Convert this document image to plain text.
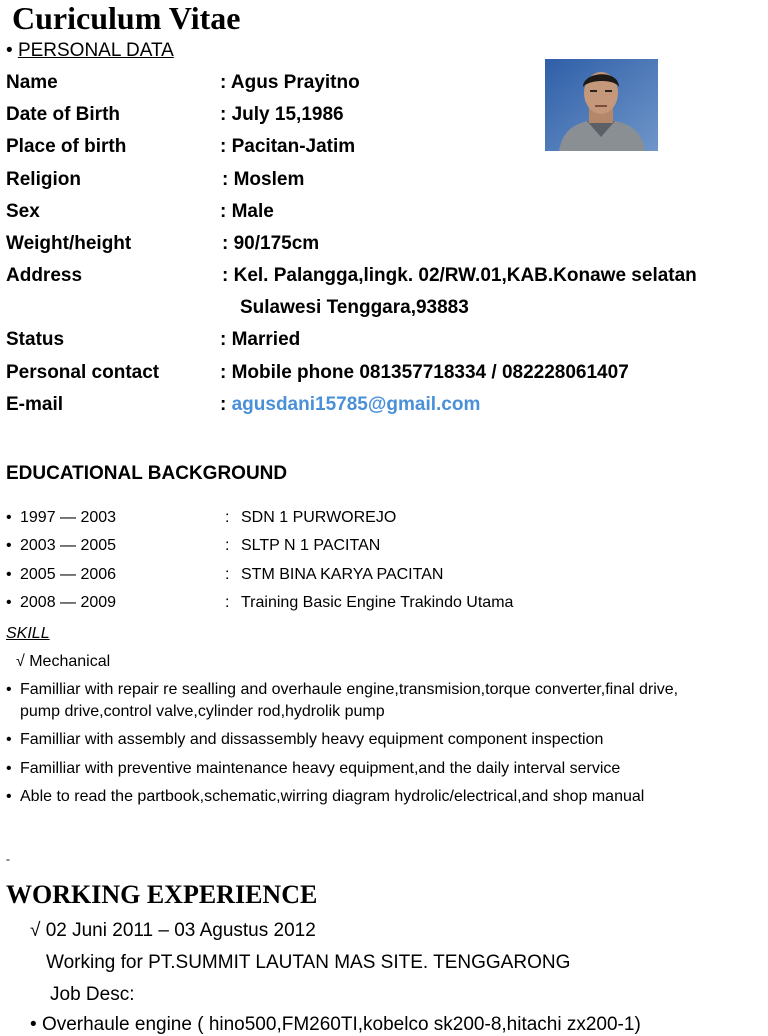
Curiculum Vitae
• PERSONAL DATA
Name	: Agus Prayitno
Date of Birth	: July 15,1986
Place of birth	: Pacitan-Jatim
Religion	: Moslem
Sex	: Male
Weight/height	: 90/175cm
Address	: Kel. Palangga,lingk. 02/RW.01,KAB.Konawe selatan
Sulawesi Tenggara,93883
Status	: Married
Personal contact	: Mobile phone 081357718334 / 082228061407
E-mail	: agusdani15785@gmail.com
EDUCATIONAL BACKGROUND
• 1997 — 2003	: SDN 1 PURWOREJO
• 2003 — 2005	: SLTP N 1 PACITAN
• 2005 — 2006	: STM BINA KARYA PACITAN
• 2008 — 2009	: Training Basic Engine Trakindo Utama
SKILL
√ Mechanical
• Familliar with repair re sealling and overhaule engine,transmision,torque converter,final drive,
pump drive,control valve,cylinder rod,hydrolik pump
• Familliar with assembly and dissassembly heavy equipment component inspection
• Familliar with preventive maintenance heavy equipment,and the daily interval service
• Able to read the partbook,schematic,wirring diagram hydrolic/electrical,and shop manual
-
WORKING EXPERIENCE
√ 02 Juni 2011 – 03 Agustus 2012
Working for PT.SUMMIT LAUTAN MAS SITE. TENGGARONG
Job Desc:
• Overhaule engine ( hino500,FM260TI,kobelco sk200-8,hitachi zx200-1)
